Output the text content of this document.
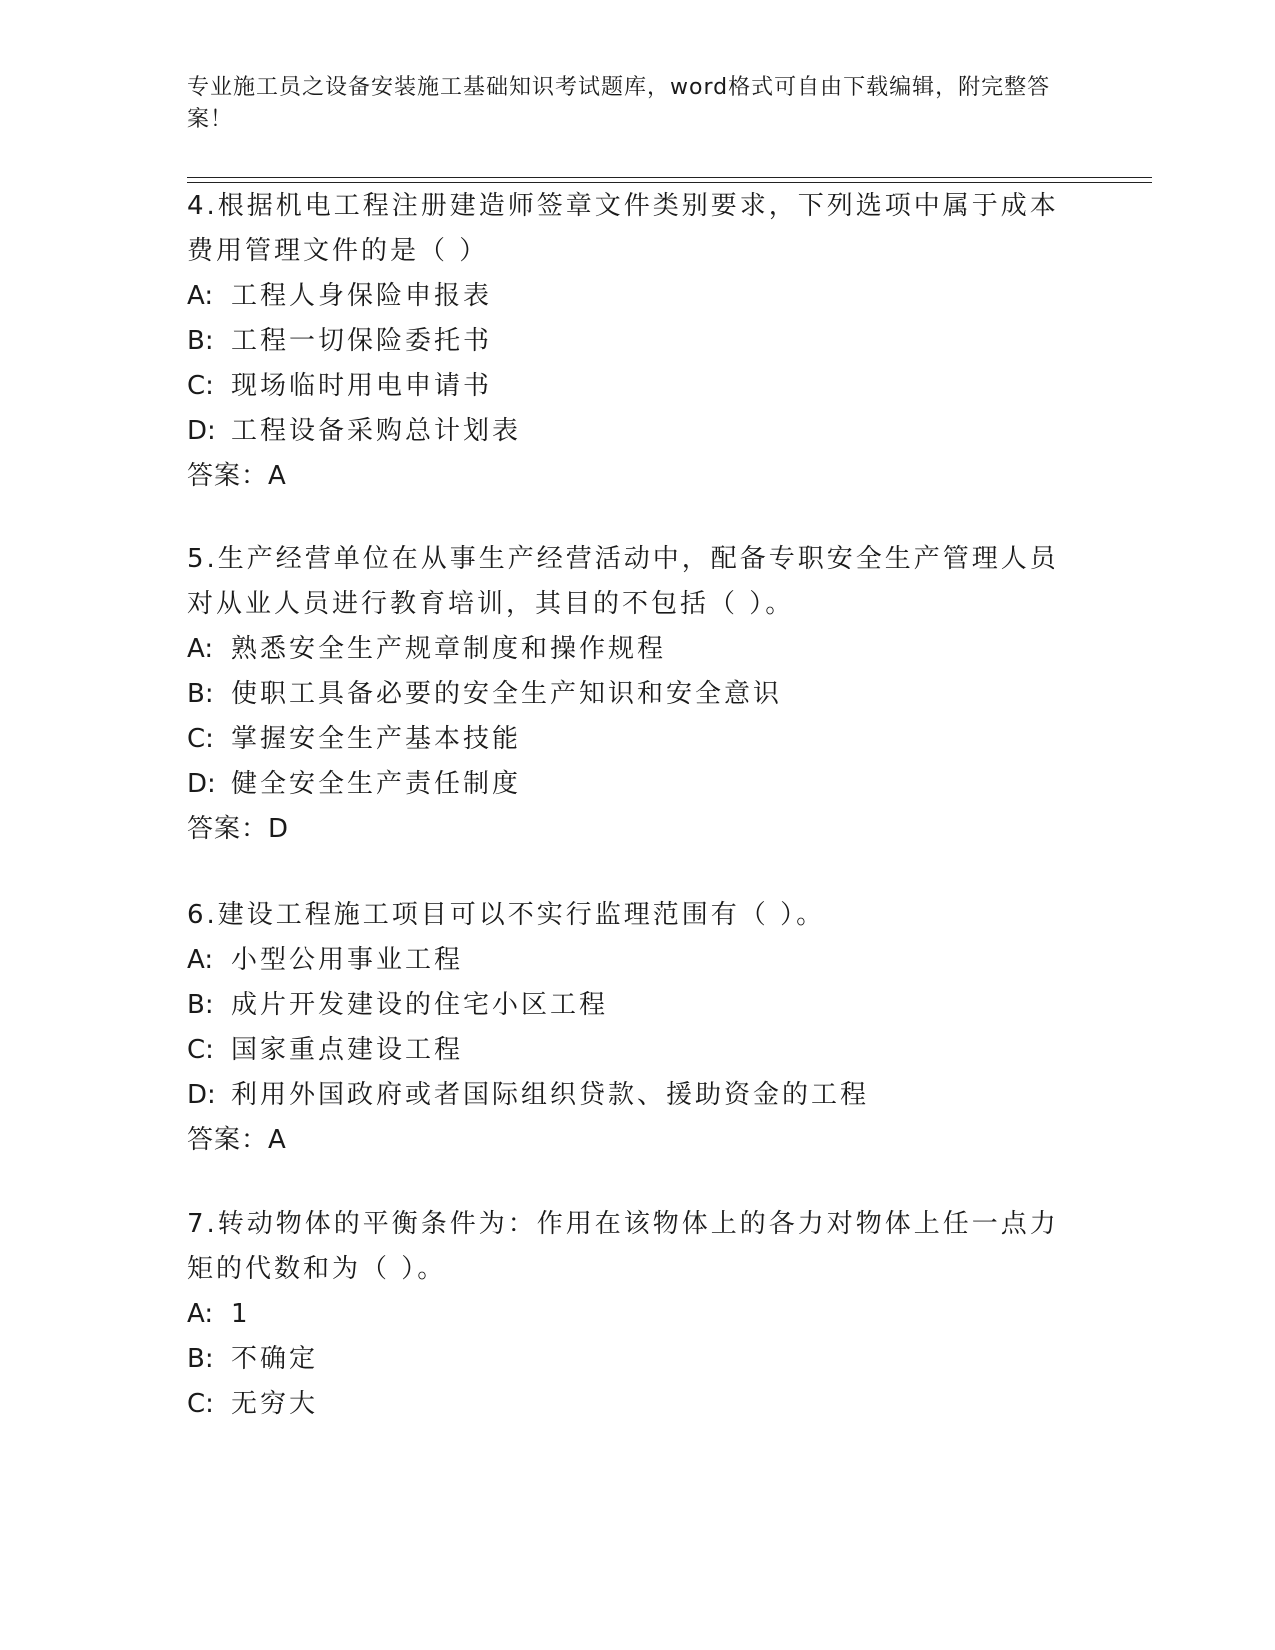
专业施工员之设备安装施工基础知识考试题库，word格式可自由下载编辑，附完整答案！
4.根据机电工程注册建造师签章文件类别要求，下列选项中属于成本费用管理文件的是（ ）
A: 工程人身保险申报表
B: 工程一切保险委托书
C: 现场临时用电申请书
D: 工程设备采购总计划表
答案：A
5.生产经营单位在从事生产经营活动中，配备专职安全生产管理人员对从业人员进行教育培训，其目的不包括（ ）。
A: 熟悉安全生产规章制度和操作规程
B: 使职工具备必要的安全生产知识和安全意识
C: 掌握安全生产基本技能
D: 健全安全生产责任制度
答案：D
6.建设工程施工项目可以不实行监理范围有（ ）。
A: 小型公用事业工程
B: 成片开发建设的住宅小区工程
C: 国家重点建设工程
D: 利用外国政府或者国际组织贷款、援助资金的工程
答案：A
7.转动物体的平衡条件为：作用在该物体上的各力对物体上任一点力矩的代数和为（ ）。
A: 1
B: 不确定
C: 无穷大
